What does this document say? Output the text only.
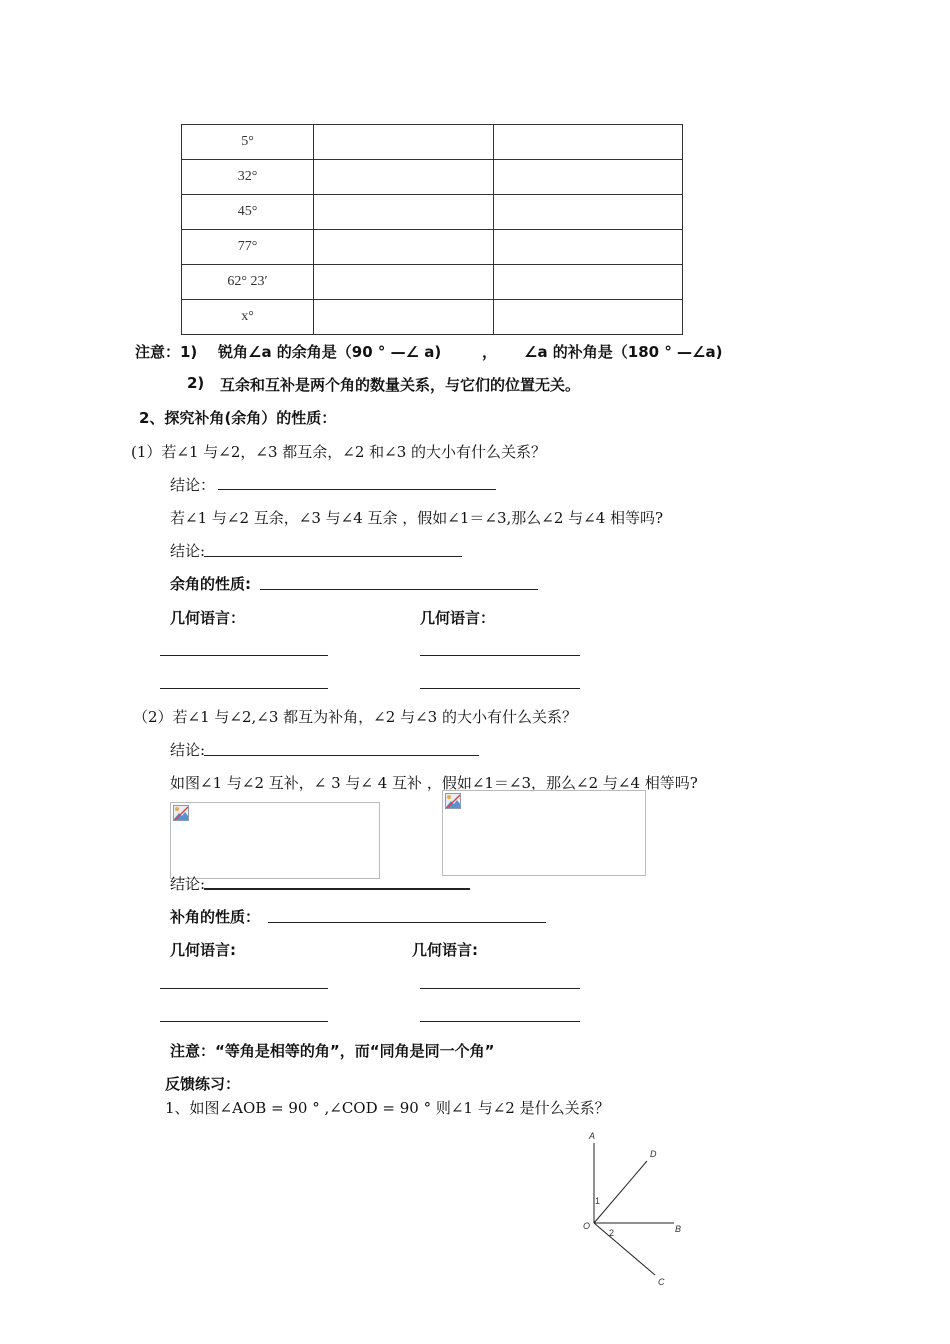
5°		
32°		
45°		
77°		
62° 23′		
x°		
注意：1) 锐角∠a 的余角是（90 ° —∠ a)	， ∠a 的补角是（180 ° —∠a)
2) 互余和互补是两个角的数量关系，与它们的位置无关。
2、探究补角(余角）的性质：
(1）若∠1 与∠2，∠3 都互余，∠2 和∠3 的大小有什么关系？
结论：
若∠1 与∠2 互余，∠3 与∠4 互余 ，假如∠1＝∠3,那么∠2 与∠4 相等吗?
结论:
余角的性质:
几何语言：	几何语言：
（2）若∠1 与∠2,∠3 都互为补角，∠2 与∠3 的大小有什么关系？
结论:
如图∠1 与∠2 互补，∠ 3 与∠ 4 互补 ，假如∠1＝∠3，那么∠2 与∠4 相等吗?
结论:
补角的性质：
几何语言:	几何语言:
注意：“等角是相等的角”，而“同角是同一个角”
反馈练习：
1、如图∠AOB = 90 ° ,∠COD = 90 ° 则∠1 与∠2 是什么关系？
A
D
O	B
C
1
2
